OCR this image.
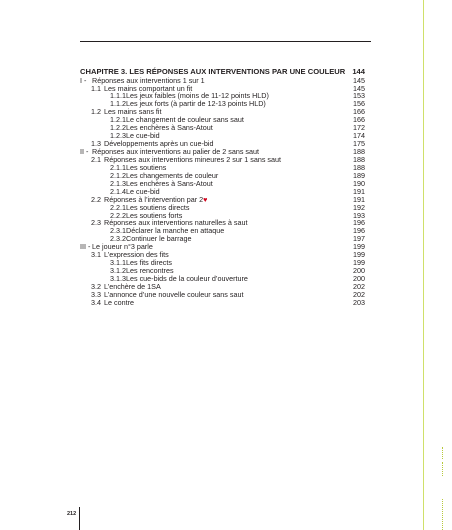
CHAPITRE 3. LES RÉPONSES AUX INTERVENTIONS PAR UNE COULEUR 144
I - Réponses aux interventions 1 sur 1	145
1.1 Les mains comportant un fit	145
1.1.1 Les jeux faibles (moins de 11-12 points HLD)	153
1.1.2 Les jeux forts (à partir de 12-13 points HLD)	156
1.2 Les mains sans fit	166
1.2.1 Le changement de couleur sans saut	166
1.2.2 Les enchères à Sans-Atout	172
1.2.3 Le cue-bid	174
1.3 Développements après un cue-bid	175
II - Réponses aux interventions au palier de 2 sans saut	188
2.1 Réponses aux interventions mineures 2 sur 1 sans saut	188
2.1.1 Les soutiens	188
2.1.2 Les changements de couleur	189
2.1.3 Les enchères à Sans-Atout	190
2.1.4 Le cue-bid	191
2.2 Réponses à l’intervention par 2♥	191
2.2.1 Les soutiens directs	192
2.2.2 Les soutiens forts	193
2.3 Réponses aux interventions naturelles à saut	196
2.3.1 Déclarer la manche en attaque	196
2.3.2 Continuer le barrage	197
III - Le joueur n°3 parle	199
3.1 L’expression des fits	199
3.1.1 Les fits directs	199
3.1.2 Les rencontres	200
3.1.3 Les cue-bids de la couleur d’ouverture	200
3.2 L’enchère de 1SA	202
3.3 L’annonce d’une nouvelle couleur sans saut	202
3.4 Le contre	203
212
